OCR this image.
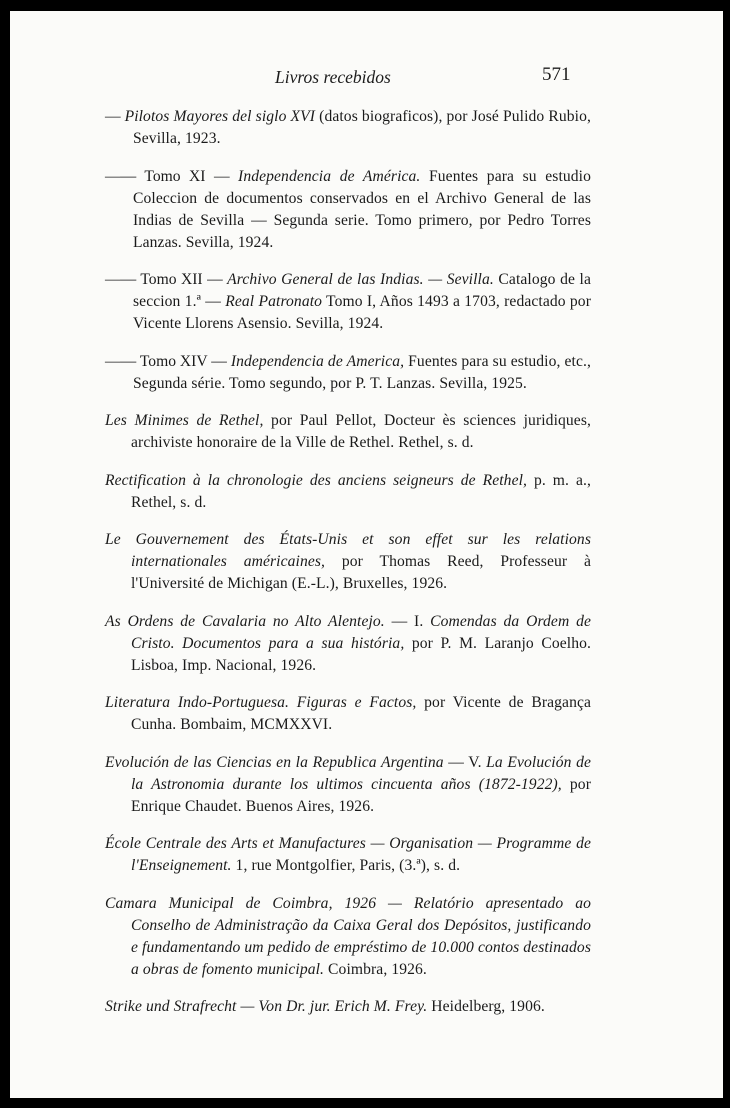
Livros recebidos	571

— Pilotos Mayores del siglo XVI (datos biograficos), por José Pulido Rubio, Sevilla, 1923.

—— Tomo XI — Independencia de América. Fuentes para su estudio Coleccion de documentos conservados en el Archivo General de las Indias de Sevilla — Segunda serie. Tomo primero, por Pedro Torres Lanzas. Sevilla, 1924.

—— Tomo XII — Archivo General de las Indias. — Sevilla. Catalogo de la seccion 1.ª — Real Patronato Tomo I, Años 1493 a 1703, redactado por Vicente Llorens Asensio. Sevilla, 1924.

—— Tomo XIV — Independencia de America, Fuentes para su estudio, etc., Segunda série. Tomo segundo, por P. T. Lanzas. Sevilla, 1925.

Les Minimes de Rethel, por Paul Pellot, Docteur ès sciences juridiques, archiviste honoraire de la Ville de Rethel. Rethel, s. d.

Rectification à la chronologie des anciens seigneurs de Rethel, p. m. a., Rethel, s. d.

Le Gouvernement des États-Unis et son effet sur les relations internationales américaines, por Thomas Reed, Professeur à l'Université de Michigan (E.-L.), Bruxelles, 1926.

As Ordens de Cavalaria no Alto Alentejo. — I. Comendas da Ordem de Cristo. Documentos para a sua história, por P. M. Laranjo Coelho. Lisboa, Imp. Nacional, 1926.

Literatura Indo-Portuguesa. Figuras e Factos, por Vicente de Bragança Cunha. Bombaim, MCMXXVI.

Evolución de las Ciencias en la Republica Argentina — V. La Evolución de la Astronomia durante los ultimos cincuenta años (1872-1922), por Enrique Chaudet. Buenos Aires, 1926.

École Centrale des Arts et Manufactures — Organisation — Programme de l'Enseignement. 1, rue Montgolfier, Paris, (3.ª), s. d.

Camara Municipal de Coimbra, 1926 — Relatório apresentado ao Conselho de Administração da Caixa Geral dos Depósitos, justificando e fundamentando um pedido de empréstimo de 10.000 contos destinados a obras de fomento municipal. Coimbra, 1926.

Strike und Strafrecht — Von Dr. jur. Erich M. Frey. Heidelberg, 1906.
